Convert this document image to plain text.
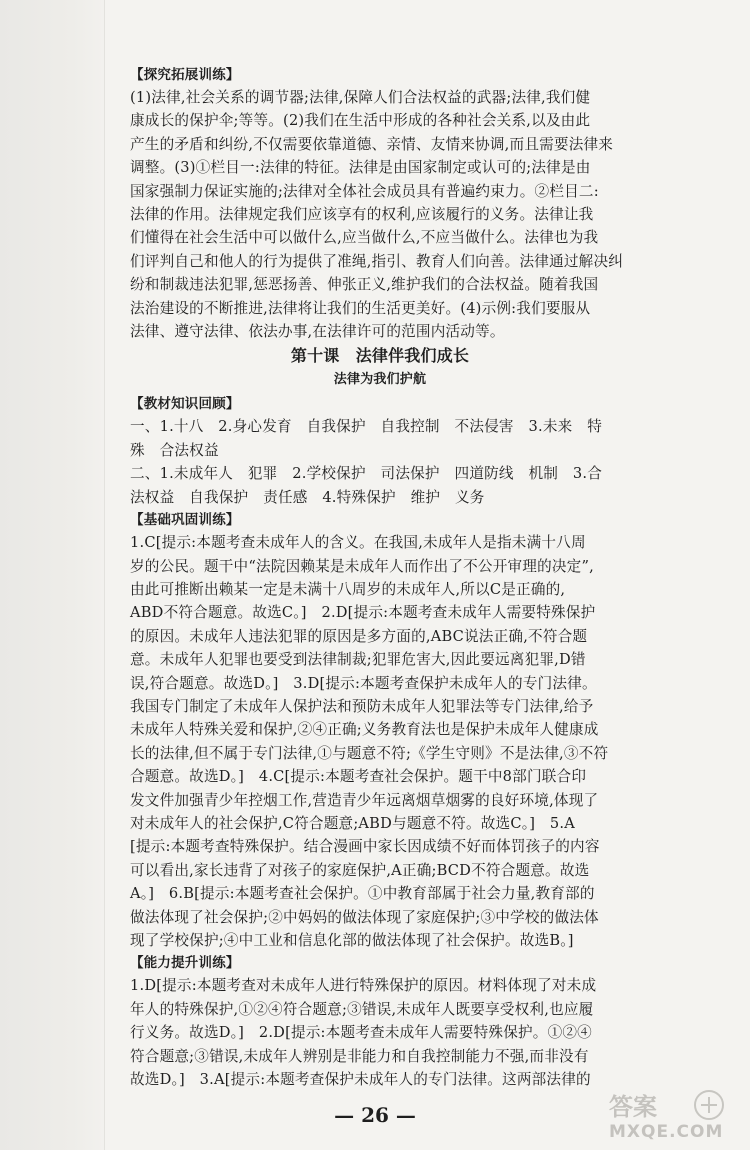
【探究拓展训练】

(1)法律,社会关系的调节器;法律,保障人们合法权益的武器;法律,我们健

康成长的保护伞;等等。(2)我们在生活中形成的各种社会关系,以及由此

产生的矛盾和纠纷,不仅需要依靠道德、亲情、友情来协调,而且需要法律来

调整。(3)①栏目一:法律的特征。法律是由国家制定或认可的;法律是由

国家强制力保证实施的;法律对全体社会成员具有普遍约束力。②栏目二:

法律的作用。法律规定我们应该享有的权利,应该履行的义务。法律让我

们懂得在社会生活中可以做什么,应当做什么,不应当做什么。法律也为我

们评判自己和他人的行为提供了准绳,指引、教育人们向善。法律通过解决纠

纷和制裁违法犯罪,惩恶扬善、伸张正义,维护我们的合法权益。随着我国

法治建设的不断推进,法律将让我们的生活更美好。(4)示例:我们要服从

法律、遵守法律、依法办事,在法律许可的范围内活动等。

第十课　法律伴我们成长

法律为我们护航

【教材知识回顾】

一、1.十八　2.身心发育　自我保护　自我控制　不法侵害　3.未来　特

殊　合法权益

二、1.未成年人　犯罪　2.学校保护　司法保护　四道防线　机制　3.合

法权益　自我保护　责任感　4.特殊保护　维护　义务

【基础巩固训练】

1.C[提示:本题考查未成年人的含义。在我国,未成年人是指未满十八周

岁的公民。题干中“法院因赖某是未成年人而作出了不公开审理的决定”,

由此可推断出赖某一定是未满十八周岁的未成年人,所以C是正确的,

ABD不符合题意。故选C。]　2.D[提示:本题考查未成年人需要特殊保护

的原因。未成年人违法犯罪的原因是多方面的,ABC说法正确,不符合题

意。未成年人犯罪也要受到法律制裁;犯罪危害大,因此要远离犯罪,D错

误,符合题意。故选D。]　3.D[提示:本题考查保护未成年人的专门法律。

我国专门制定了未成年人保护法和预防未成年人犯罪法等专门法律,给予

未成年人特殊关爱和保护,②④正确;义务教育法也是保护未成年人健康成

长的法律,但不属于专门法律,①与题意不符;《学生守则》不是法律,③不符

合题意。故选D。]　4.C[提示:本题考查社会保护。题干中8部门联合印

发文件加强青少年控烟工作,营造青少年远离烟草烟雾的良好环境,体现了

对未成年人的社会保护,C符合题意;ABD与题意不符。故选C。]　5.A

[提示:本题考查特殊保护。结合漫画中家长因成绩不好而体罚孩子的内容

可以看出,家长违背了对孩子的家庭保护,A正确;BCD不符合题意。故选

A。]　6.B[提示:本题考查社会保护。①中教育部属于社会力量,教育部的

做法体现了社会保护;②中妈妈的做法体现了家庭保护;③中学校的做法体

现了学校保护;④中工业和信息化部的做法体现了社会保护。故选B。]

【能力提升训练】

1.D[提示:本题考查对未成年人进行特殊保护的原因。材料体现了对未成

年人的特殊保护,①②④符合题意;③错误,未成年人既要享受权利,也应履

行义务。故选D。]　2.D[提示:本题考查未成年人需要特殊保护。①②④

符合题意;③错误,未成年人辨别是非能力和自我控制能力不强,而非没有

故选D。]　3.A[提示:本题考查保护未成年人的专门法律。这两部法律的

— 26 —	答案
MXQE.COM
